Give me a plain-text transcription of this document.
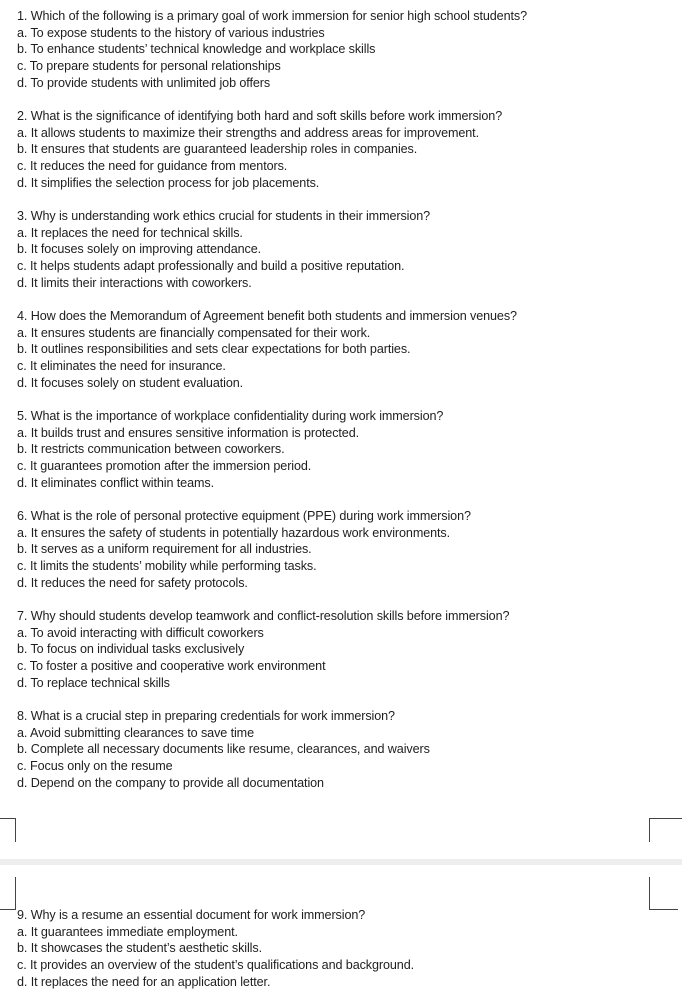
1. Which of the following is a primary goal of work immersion for senior high school students?
a. To expose students to the history of various industries
b. To enhance students’ technical knowledge and workplace skills
c. To prepare students for personal relationships
d. To provide students with unlimited job offers
2. What is the significance of identifying both hard and soft skills before work immersion?
a. It allows students to maximize their strengths and address areas for improvement.
b. It ensures that students are guaranteed leadership roles in companies.
c. It reduces the need for guidance from mentors.
d. It simplifies the selection process for job placements.
3. Why is understanding work ethics crucial for students in their immersion?
a. It replaces the need for technical skills.
b. It focuses solely on improving attendance.
c. It helps students adapt professionally and build a positive reputation.
d. It limits their interactions with coworkers.
4. How does the Memorandum of Agreement benefit both students and immersion venues?
a. It ensures students are financially compensated for their work.
b. It outlines responsibilities and sets clear expectations for both parties.
c. It eliminates the need for insurance.
d. It focuses solely on student evaluation.
5. What is the importance of workplace confidentiality during work immersion?
a. It builds trust and ensures sensitive information is protected.
b. It restricts communication between coworkers.
c. It guarantees promotion after the immersion period.
d. It eliminates conflict within teams.
6. What is the role of personal protective equipment (PPE) during work immersion?
a. It ensures the safety of students in potentially hazardous work environments.
b. It serves as a uniform requirement for all industries.
c. It limits the students’ mobility while performing tasks.
d. It reduces the need for safety protocols.
7. Why should students develop teamwork and conflict-resolution skills before immersion?
a. To avoid interacting with difficult coworkers
b. To focus on individual tasks exclusively
c. To foster a positive and cooperative work environment
d. To replace technical skills
8. What is a crucial step in preparing credentials for work immersion?
a. Avoid submitting clearances to save time
b. Complete all necessary documents like resume, clearances, and waivers
c. Focus only on the resume
d. Depend on the company to provide all documentation
9. Why is a resume an essential document for work immersion?
a. It guarantees immediate employment.
b. It showcases the student’s aesthetic skills.
c. It provides an overview of the student’s qualifications and background.
d. It replaces the need for an application letter.
